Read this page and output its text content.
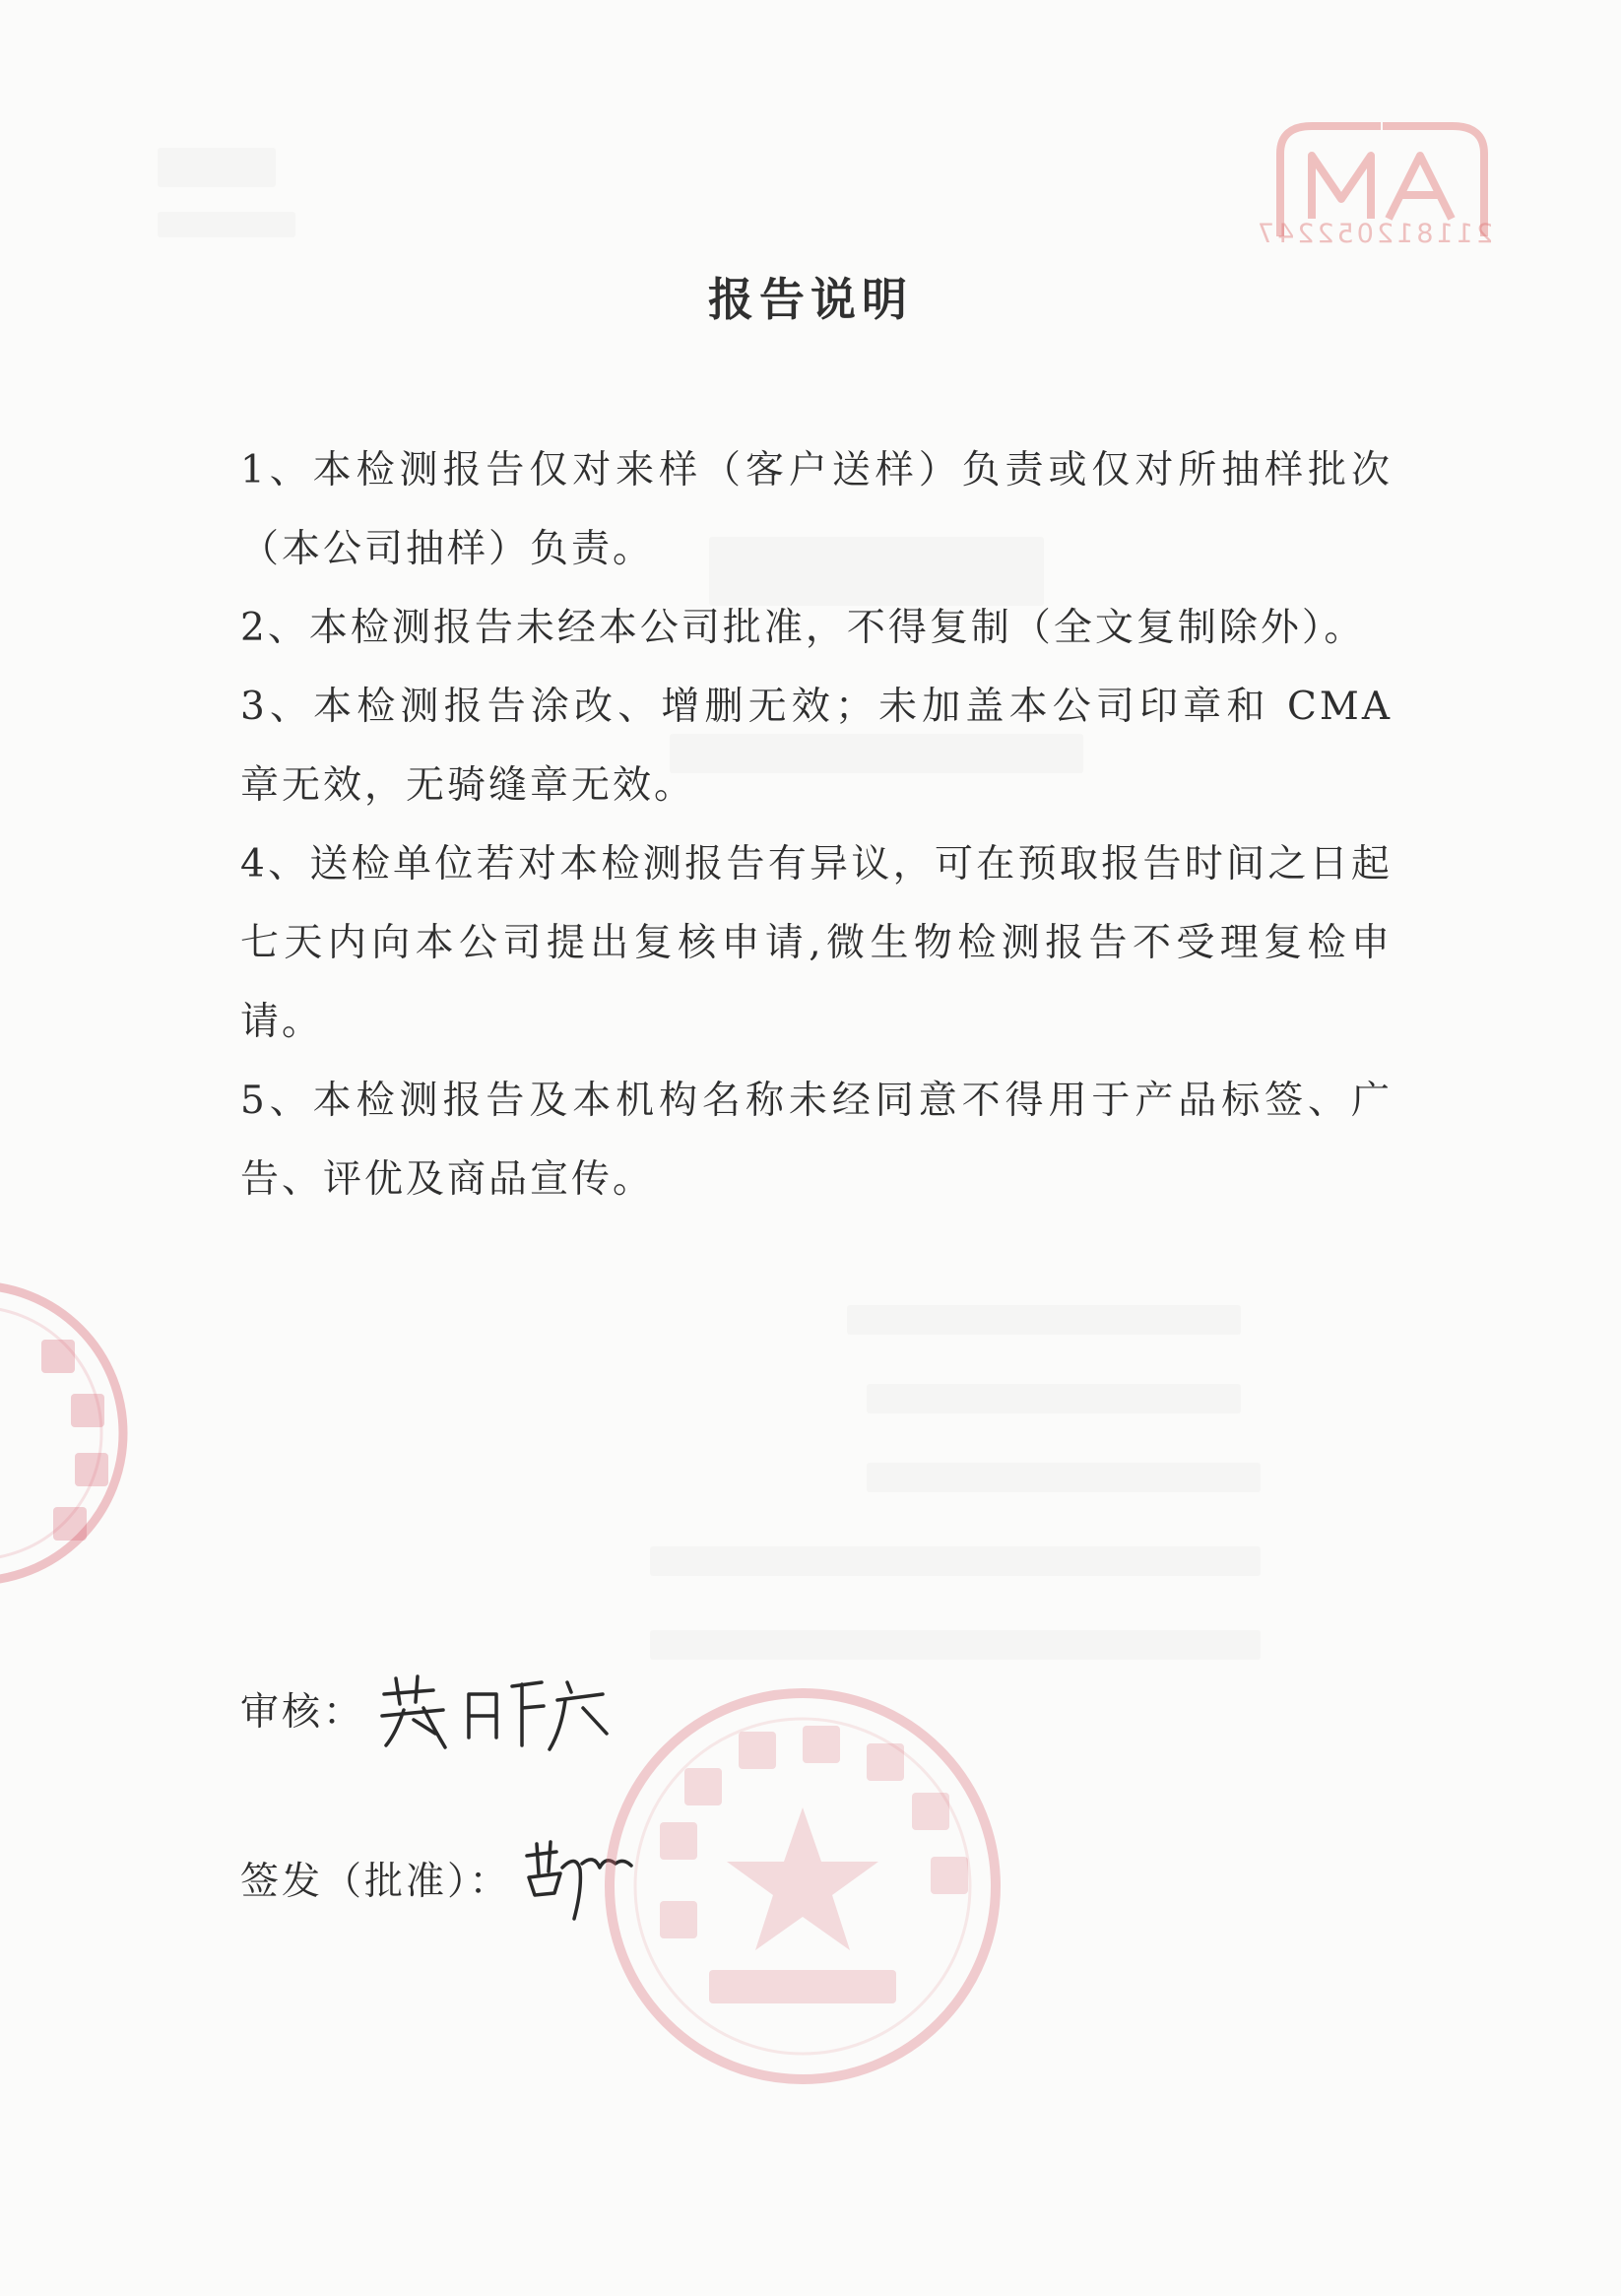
211812052247
报告说明

1、本检测报告仅对来样（客户送样）负责或仅对所抽样批次（本公司抽样）负责。

2、本检测报告未经本公司批准，不得复制（全文复制除外）。

3、本检测报告涂改、增删无效；未加盖本公司印章和 CMA 章无效，无骑缝章无效。

4、送检单位若对本检测报告有异议，可在预取报告时间之日起七天内向本公司提出复核申请,微生物检测报告不受理复检申请。

5、本检测报告及本机构名称未经同意不得用于产品标签、广告、评优及商品宣传。

审核：
签发（批准）：
